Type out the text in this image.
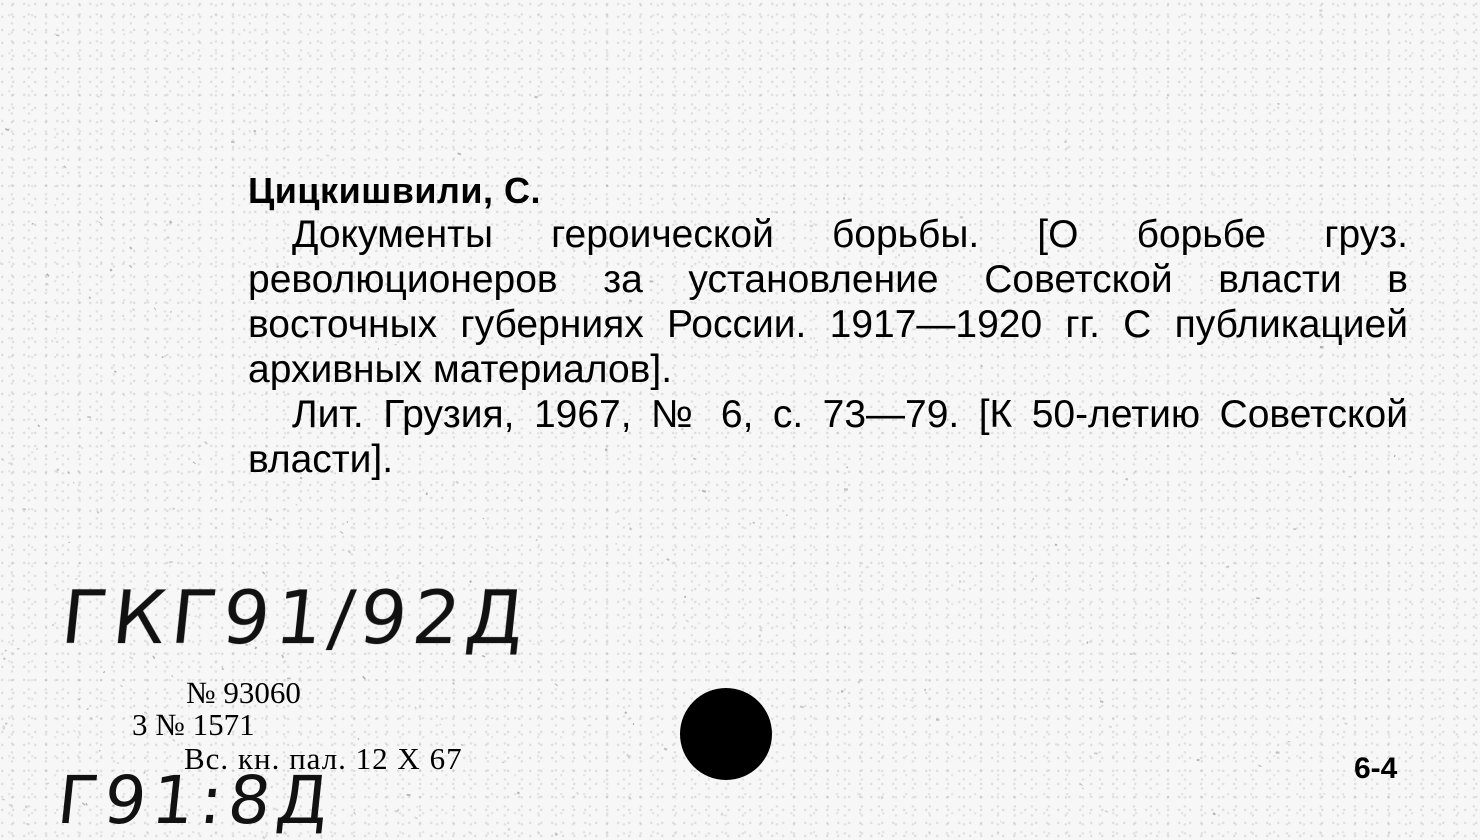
Цицкишвили, С.

Документы героической борьбы. [О борьбе груз. революционеров за установление Советской власти в восточных губерниях России. 1917—1920 гг. С публикацией архивных материалов].

Лит. Грузия, 1967, № 6, с. 73—79. [К 50-летию Советской власти].

ГКГ91/92Д
Г91:8Д
№ 93060
3 № 1571
Вс. кн. пал. 12 X 67	6-4
